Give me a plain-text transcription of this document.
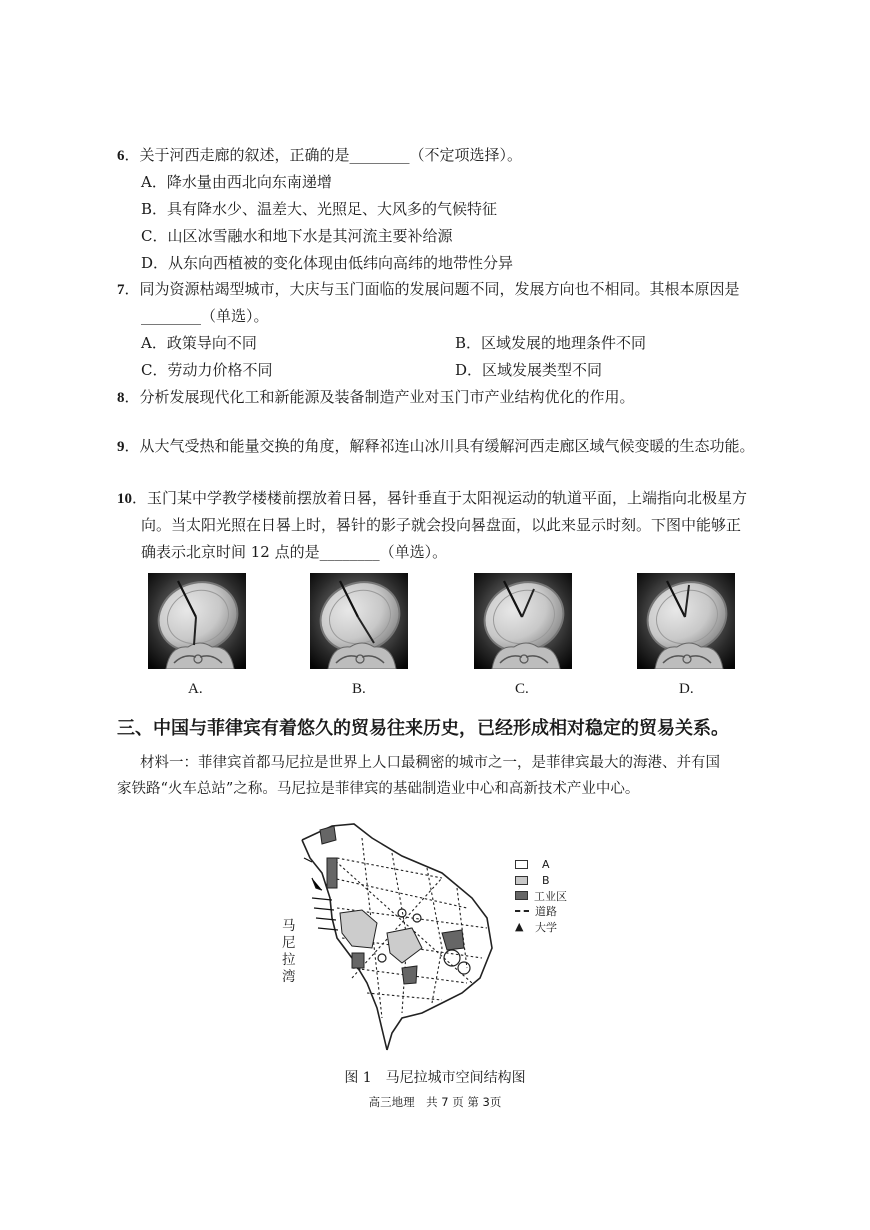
6．关于河西走廊的叙述，正确的是________（不定项选择）。
A．降水量由西北向东南递增
B．具有降水少、温差大、光照足、大风多的气候特征
C．山区冰雪融水和地下水是其河流主要补给源
D．从东向西植被的变化体现由低纬向高纬的地带性分异
7．同为资源枯竭型城市，大庆与玉门面临的发展问题不同，发展方向也不相同。其根本原因是
________（单选）。
A．政策导向不同	B．区域发展的地理条件不同
C．劳动力价格不同	D．区域发展类型不同
8．分析发展现代化工和新能源及装备制造产业对玉门市产业结构优化的作用。
9．从大气受热和能量交换的角度，解释祁连山冰川具有缓解河西走廊区域气候变暖的生态功能。
10．玉门某中学教学楼楼前摆放着日晷，晷针垂直于太阳视运动的轨道平面，上端指向北极星方
向。当太阳光照在日晷上时，晷针的影子就会投向晷盘面，以此来显示时刻。下图中能够正
确表示北京时间 12 点的是________（单选）。
A.	B.	C.	D.
三、中国与菲律宾有着悠久的贸易往来历史，已经形成相对稳定的贸易关系。
材料一：菲律宾首都马尼拉是世界上人口最稠密的城市之一，是菲律宾最大的海港、并有国
家铁路“火车总站”之称。马尼拉是菲律宾的基础制造业中心和高新技术产业中心。
马尼拉湾
A
B
工业区
道路
▲	大学
图 1　马尼拉城市空间结构图
高三地理　共 7 页 第 3页
